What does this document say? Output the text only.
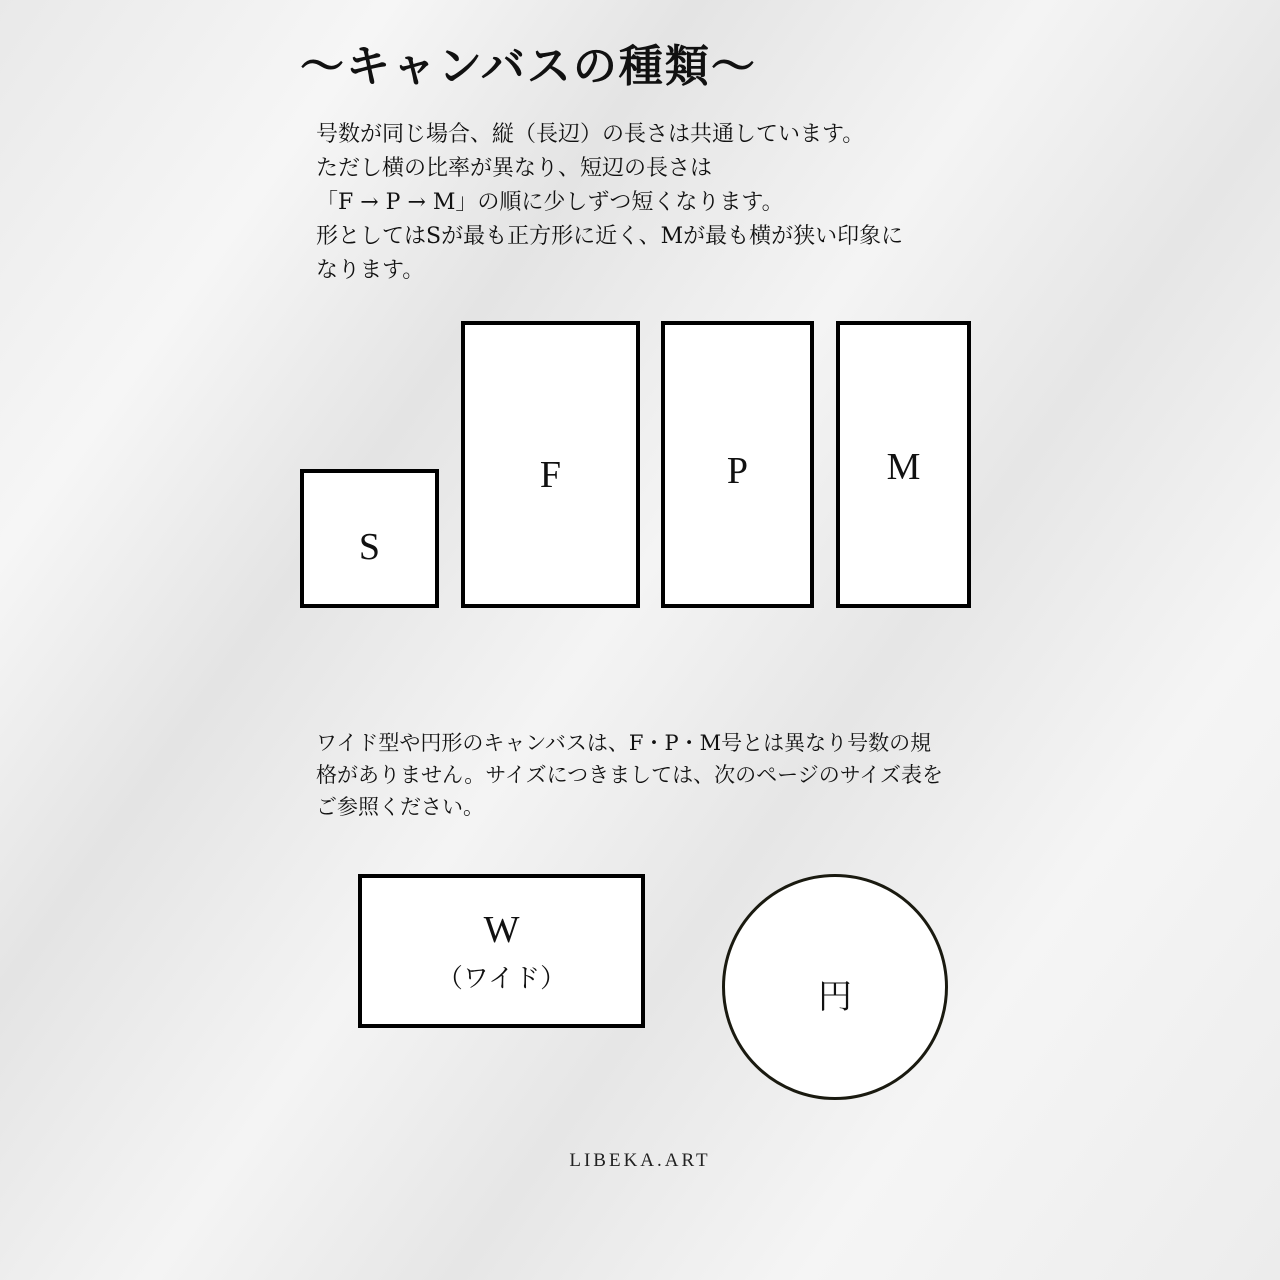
〜キャンバスの種類〜

号数が同じ場合、縦（長辺）の長さは共通しています。

ただし横の比率が異なり、短辺の長さは

「F → P → M」の順に少しずつ短くなります。

形としてはSが最も正方形に近く、Mが最も横が狭い印象に

なります。

S
F	P	M

ワイド型や円形のキャンバスは、F・P・M号とは異なり号数の規

格がありません。サイズにつきましては、次のページのサイズ表を

ご参照ください。

W
（ワイド）	円
LIBEKA.ART
